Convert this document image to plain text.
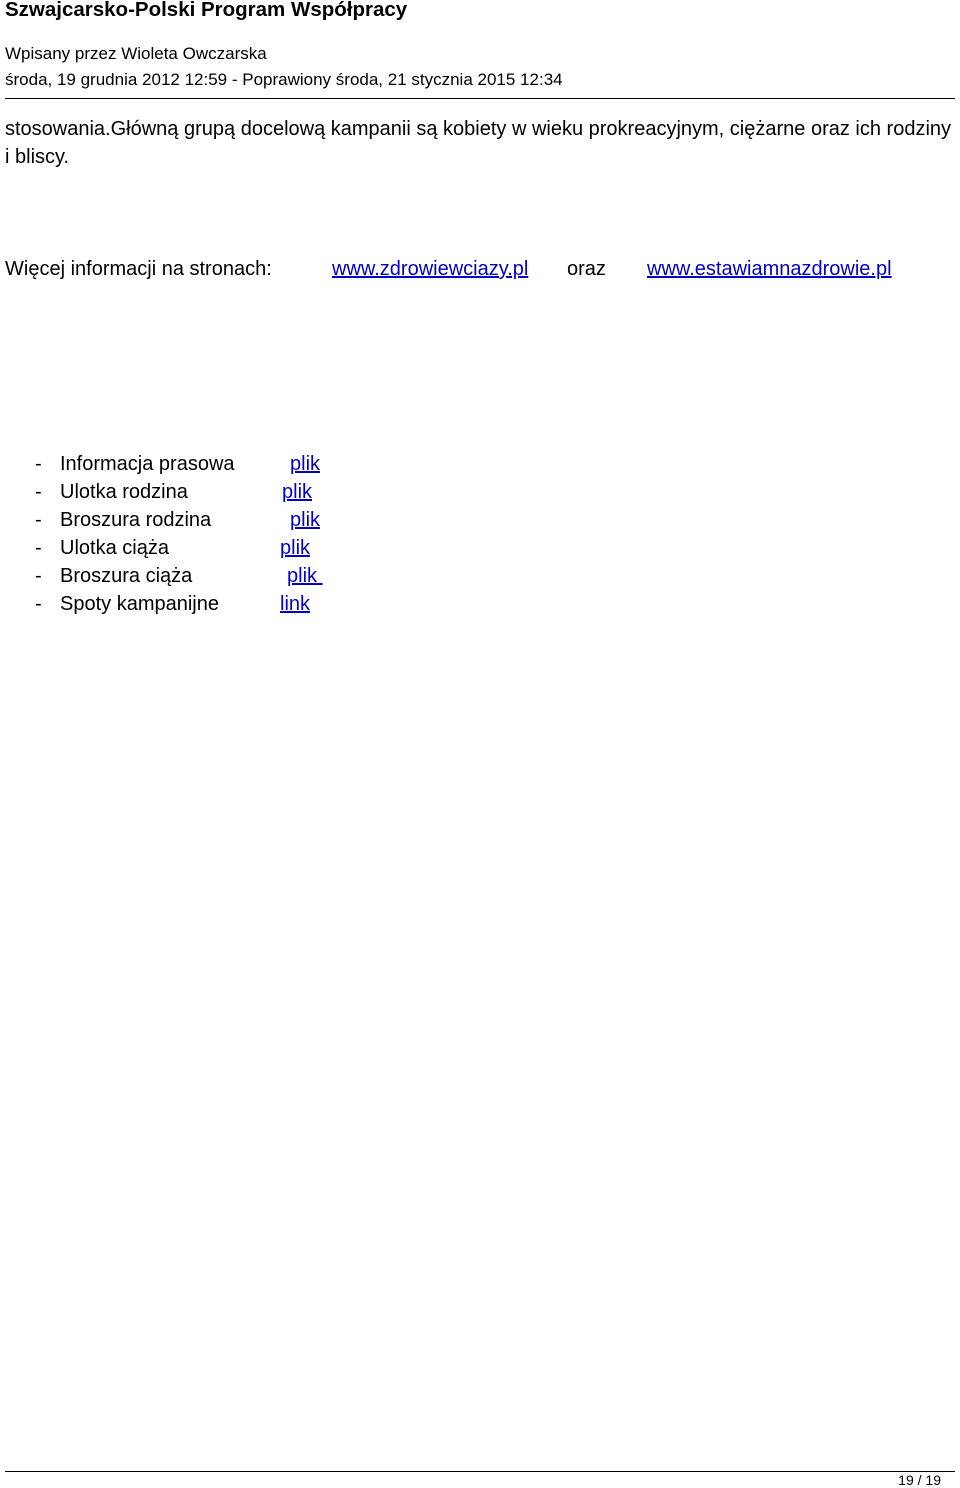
Szwajcarsko-Polski Program Współpracy
Wpisany przez Wioleta Owczarska
środa, 19 grudnia 2012 12:59 - Poprawiony środa, 21 stycznia 2015 12:34
stosowania.Główną grupą docelową kampanii są kobiety w wieku prokreacyjnym, ciężarne oraz ich rodziny i bliscy.
Więcej informacji na stronach:	www.zdrowiewciazy.pl oraz www.estawiamnazdrowie.pl
- Informacja prasowa	plik
- Ulotka rodzina	plik
- Broszura rodzina	plik
- Ulotka ciąża	plik
- Broszura ciąża	plik
- Spoty kampanijne	link
19 / 19
